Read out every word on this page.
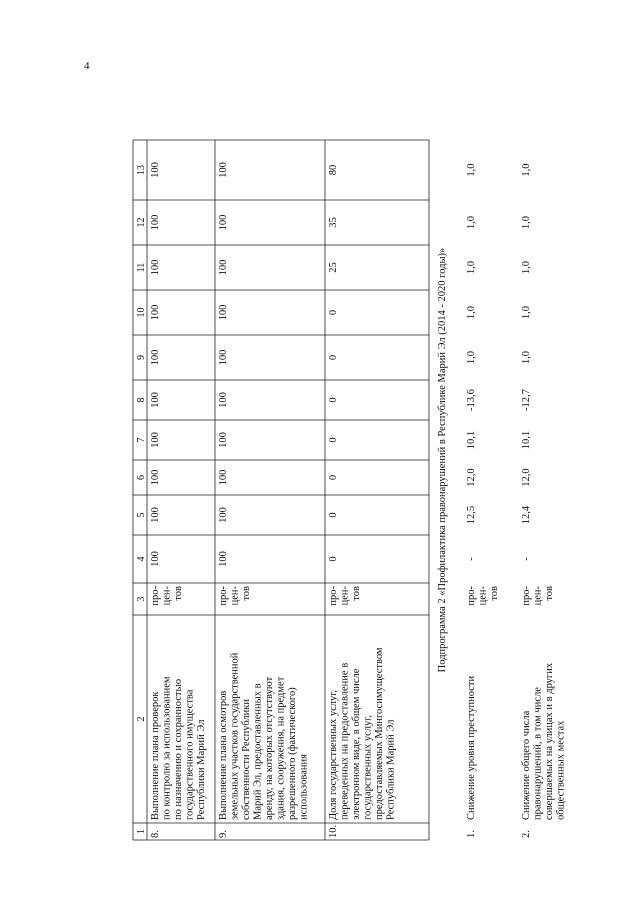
4
1
2
3
4
5
6
7
8
9
10
11
12
13
8.
Выполнение плана проверок по контролю за использованием по назначению и сохранностью государственного имущества Республики Марий Эл
про- цен- тов
100
100
100
100
100
100
100
100
100
100
9.
Выполнение плана осмотров земельных участков государственной собственности Республики Марий Эл, предоставленных в аренду, на которых отсутствуют здания, сооружения, на предмет разрешенного (фактического) использования
про- цен- тов
100
100
100
100
100
100
100
100
100
100
10.
Доля государственных услуг, переведенных на предоставление в электронном виде, в общем числе государственных услуг, предоставляемых Мингосимуществом Республики Марий Эл
про- цен- тов
0
0
0
0
0
0
0
25
35
80
Подпрограмма 2 «Профилактика правонарушений в Республике Марий Эл (2014 - 2020 годы)»
1.
Снижение уровня преступности
про- цен- тов
-
12,5
12,0
10,1
-13,6
1,0
1,0
1,0
1,0
1,0
2.
Снижение общего числа правонарушений, в том числе совершаемых на улицах и в других общественных местах
про- цен- тов
-
12,4
12,0
10,1
-12,7
1,0
1,0
1,0
1,0
1,0
